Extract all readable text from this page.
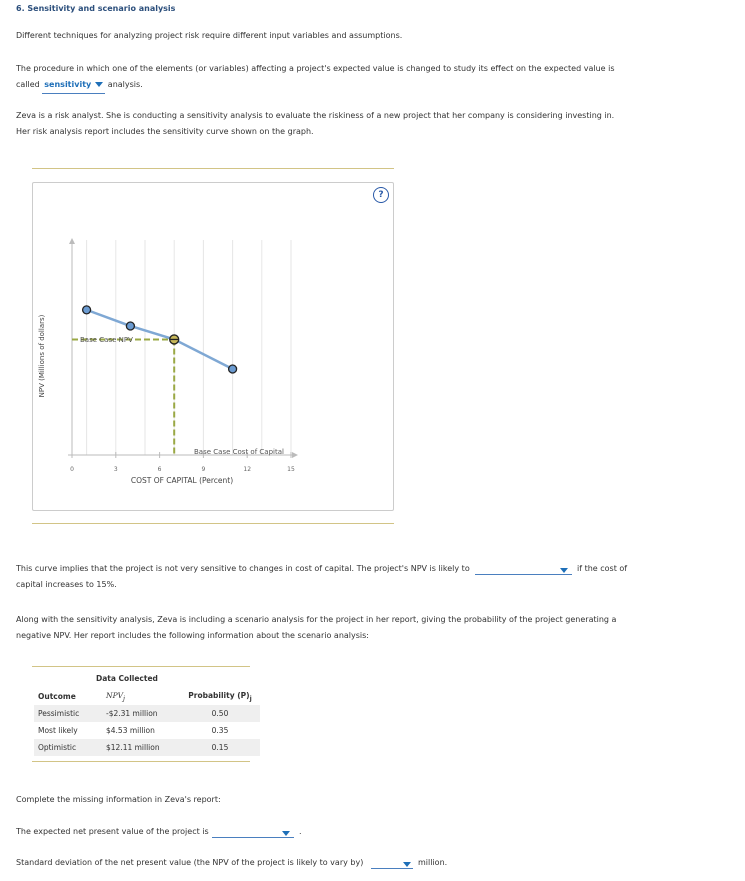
6. Sensitivity and scenario analysis
Different techniques for analyzing project risk require different input variables and assumptions.
The procedure in which one of the elements (or variables) affecting a project's expected value is changed to study its effect on the expected value is
called sensitivity analysis.
Zeva is a risk analyst. She is conducting a sensitivity analysis to evaluate the riskiness of a new project that her company is considering investing in.
Her risk analysis report includes the sensitivity curve shown on the graph.
?
NPV (Millions of dollars)
0	3	6	9	12	15
COST OF CAPITAL (Percent)
Base Case NPV
Base Case Cost of Capital
This curve implies that the project is not very sensitive to changes in cost of capital. The project's NPV is likely to	if the cost of
capital increases to 15%.
Along with the sensitivity analysis, Zeva is including a scenario analysis for the project in her report, giving the probability of the project generating a
negative NPV. Her report includes the following information about the scenario analysis:
Data Collected
Outcome	$NPV_j$	Probability $(P)_j$
Pessimistic	-$2.31 million	0.50
Most likely	$4.53 million	0.35
Optimistic	$12.11 million	0.15
Complete the missing information in Zeva's report:
The expected net present value of the project is	.
Standard deviation of the net present value (the NPV of the project is likely to vary by)	million.
